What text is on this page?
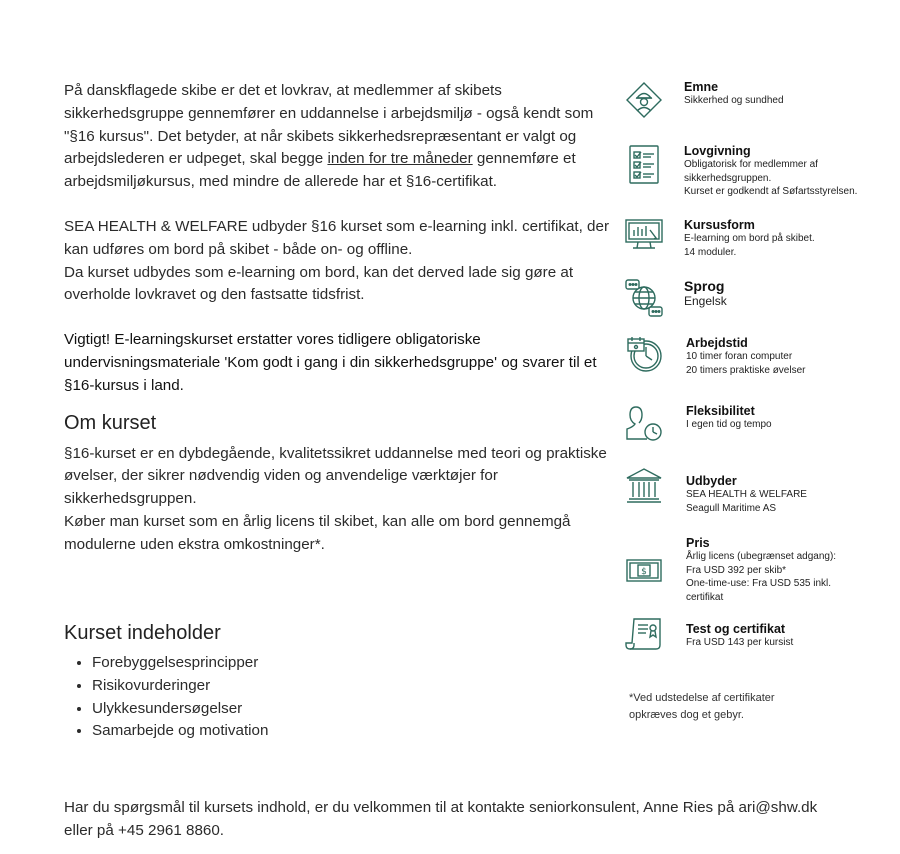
På danskflagede skibe er det et lovkrav, at medlemmer af skibets sikkerhedsgruppe gennemfører en uddannelse i arbejdsmiljø - også kendt som "§16 kursus". Det betyder, at når skibets sikkerhedsrepræsentant er valgt og arbejdslederen er udpeget, skal begge inden for tre måneder gennemføre et arbejdsmiljøkursus, med mindre de allerede har et §16-certifikat.

SEA HEALTH & WELFARE udbyder §16 kurset som e-learning inkl. certifikat, der kan udføres om bord på skibet - både on- og offline.

Da kurset udbydes som e-learning om bord, kan det derved lade sig gøre at overholde lovkravet og den fastsatte tidsfrist.

Vigtigt! E-learningskurset erstatter vores tidligere obligatoriske undervisningsmateriale 'Kom godt i gang i din sikkerhedsgruppe' og svarer til et §16-kursus i land.

Om kurset

§16-kurset er en dybdegående, kvalitetssikret uddannelse med teori og praktiske øvelser, der sikrer nødvendig viden og anvendelige værktøjer for sikkerhedsgruppen.

Køber man kurset som en årlig licens til skibet, kan alle om bord gennemgå modulerne uden ekstra omkostninger*.

Kurset indeholder
• Forebyggelsesprincipper
• Risikovurderinger
• Ulykkesundersøgelser
• Samarbejde og motivation

Har du spørgsmål til kursets indhold, er du velkommen til at kontakte seniorkonsulent, Anne Ries på ari@shw.dk eller på +45 2961 8860.

Emne
Sikkerhed og sundhed
Lovgivning
Obligatorisk for medlemmer af
sikkerhedsgruppen.
Kurset er godkendt af Søfartsstyrelsen.
Kursusform
E-learning om bord på skibet.
14 moduler.
Sprog
Engelsk
Arbejdstid
10 timer foran computer
20 timers praktiske øvelser
Fleksibilitet
I egen tid og tempo
Udbyder
SEA HEALTH & WELFARE
Seagull Maritime AS
$
Pris
Årlig licens (ubegrænset adgang):
Fra USD 392 per skib*
One-time-use: Fra USD 535 inkl.
certifikat
Test og certifikat
Fra USD 143 per kursist
*Ved udstedelse af certifikater
opkræves dog et gebyr.
